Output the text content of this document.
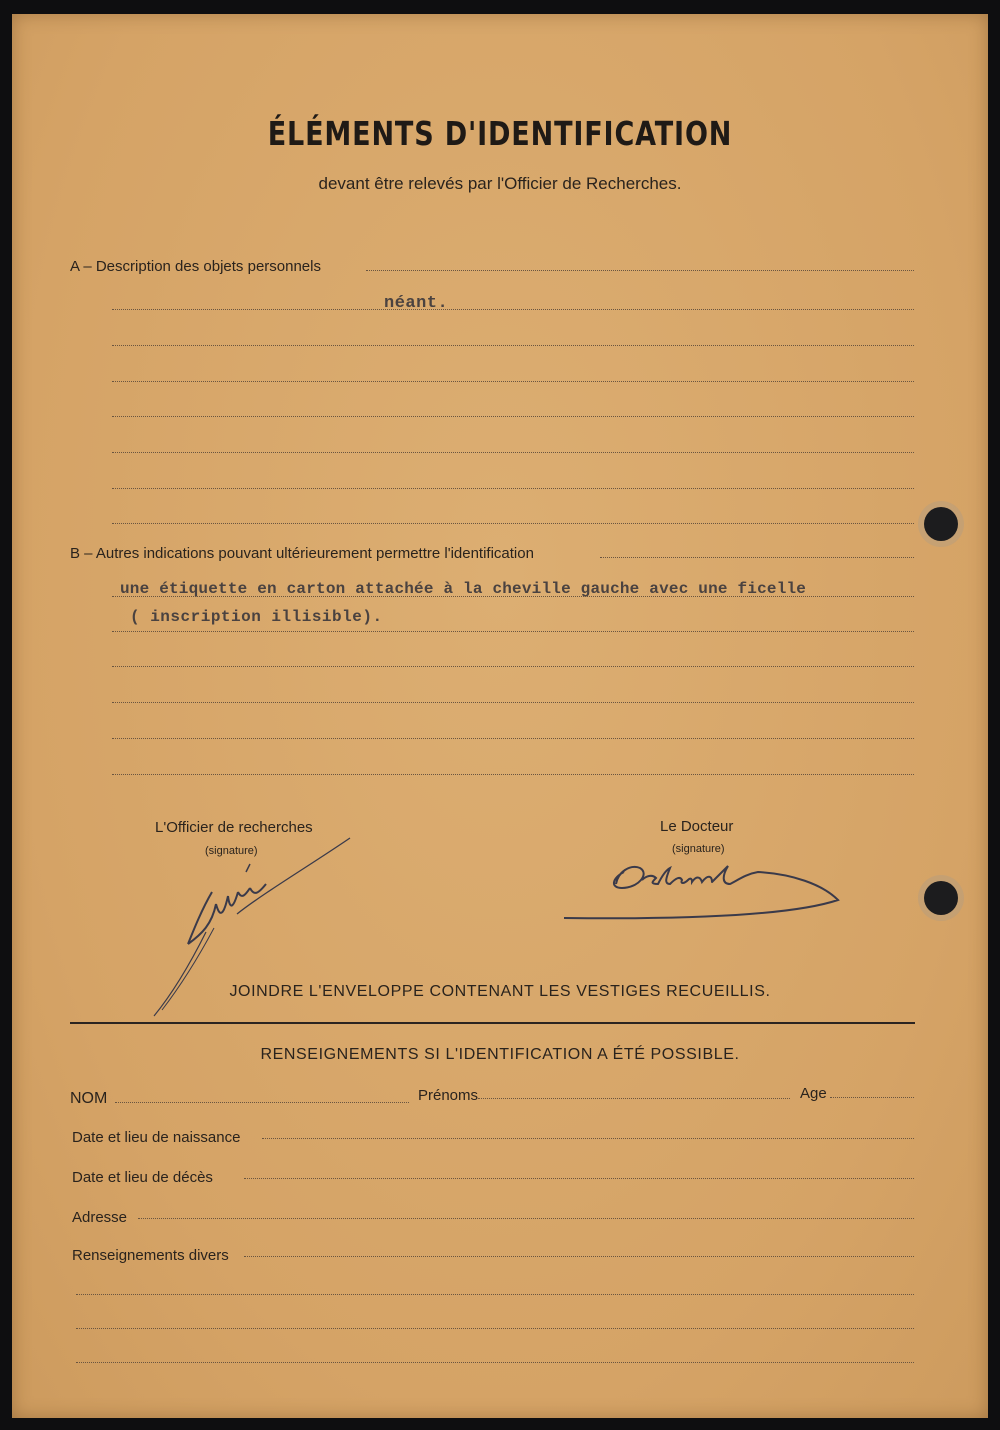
ÉLÉMENTS D'IDENTIFICATION
devant être relevés par l'Officier de Recherches.
A – Description des objets personnels
néant.
B – Autres indications pouvant ultérieurement permettre l'identification
une étiquette en carton attachée à la cheville gauche avec une ficelle
( inscription illisible).
L'Officier de recherches
(signature)
Le Docteur
(signature)
JOINDRE L'ENVELOPPE CONTENANT LES VESTIGES RECUEILLIS.
RENSEIGNEMENTS SI L'IDENTIFICATION A ÉTÉ POSSIBLE.
NOM	Prénoms	Age
Date et lieu de naissance
Date et lieu de décès
Adresse
Renseignements divers
